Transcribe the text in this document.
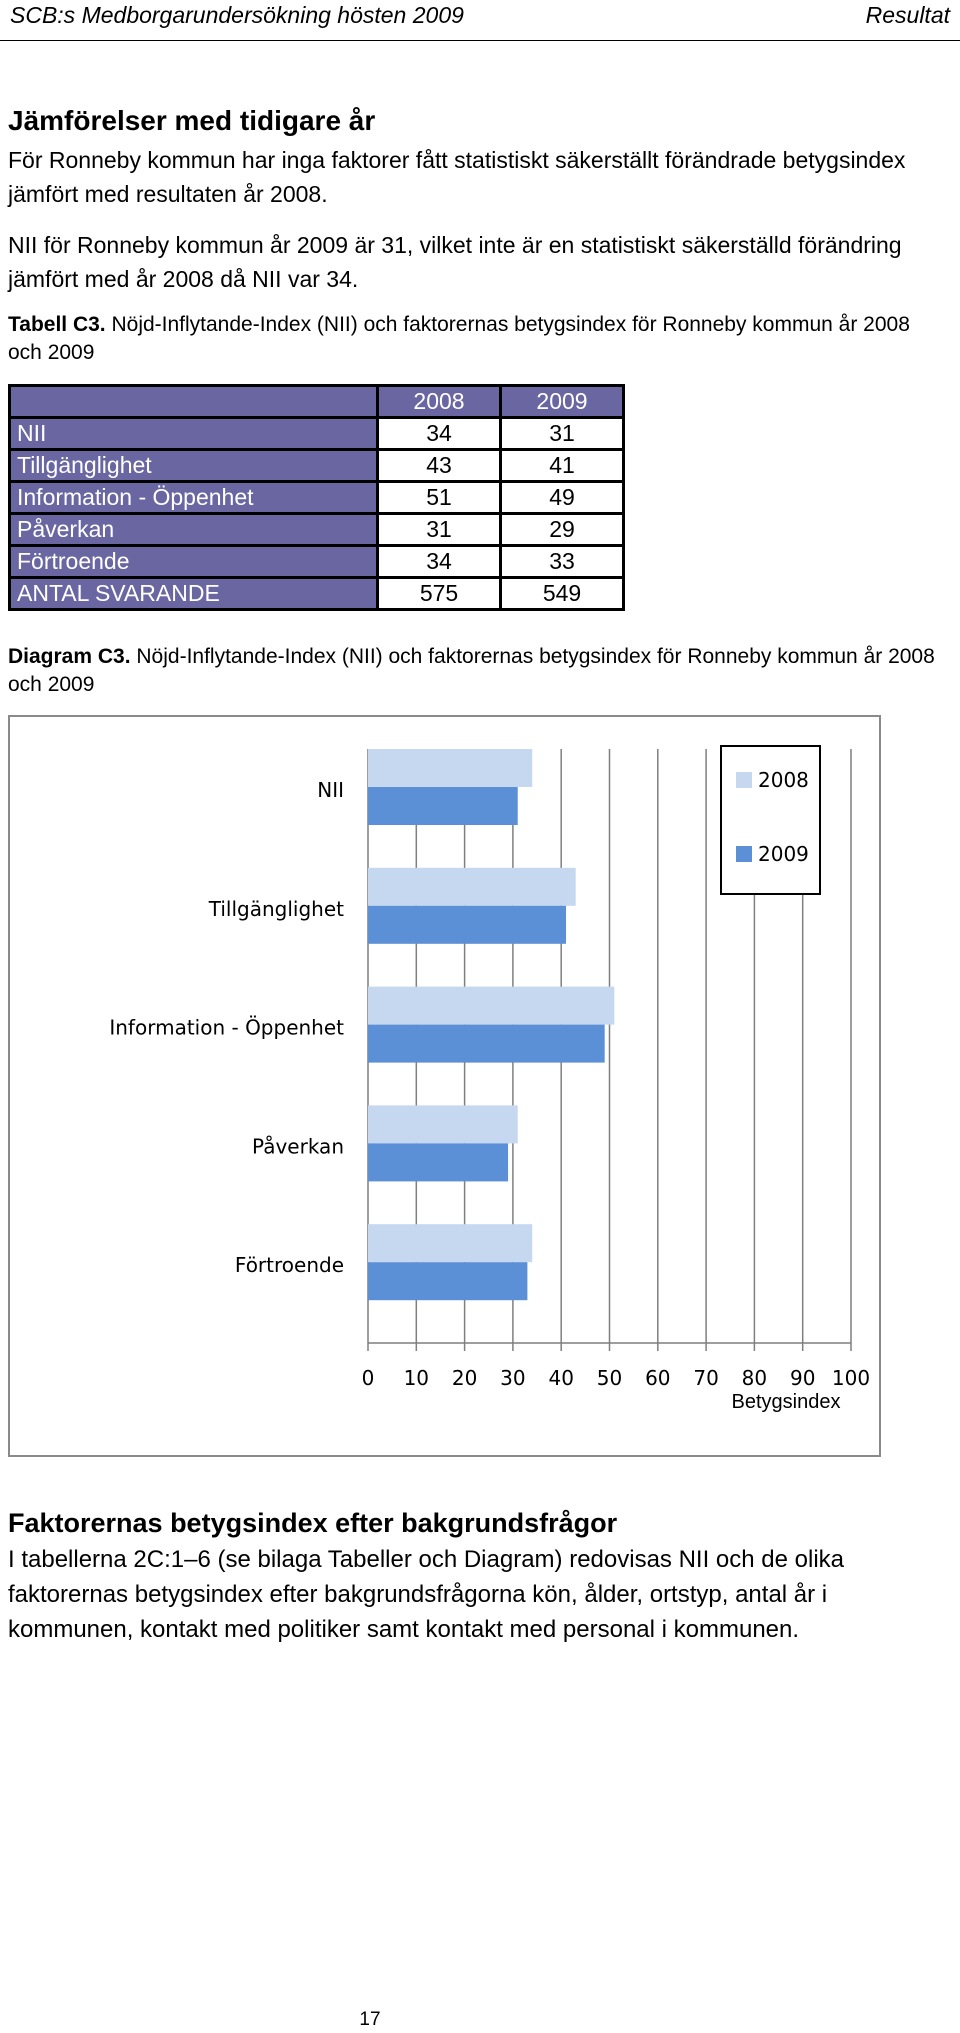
SCB:s Medborgarundersökning hösten 2009	Resultat
Jämförelser med tidigare år
För Ronneby kommun har inga faktorer fått statistiskt säkerställt förändrade betygsindex jämfört med resultaten år 2008.
NII för Ronneby kommun år 2009 är 31, vilket inte är en statistiskt säkerställd förändring jämfört med år 2008 då NII var 34.
Tabell C3. Nöjd-Inflytande-Index (NII) och faktorernas betygsindex för Ronneby kommun år 2008 och 2009
	2008	2009
NII	34	31
Tillgänglighet	43	41
Information - Öppenhet	51	49
Påverkan	31	29
Förtroende	34	33
ANTAL SVARANDE	575	549
Diagram C3. Nöjd-Inflytande-Index (NII) och faktorernas betygsindex för Ronneby kommun år 2008 och 2009
0 10 20 30 40 50 60 70 80 90 100
NII
Tillgänglighet
Information - Öppenhet
Påverkan
Förtroende
Betygsindex
2008
2009
Faktorernas betygsindex efter bakgrundsfrågor
I tabellerna 2C:1–6 (se bilaga Tabeller och Diagram) redovisas NII och de olika faktorernas betygsindex efter bakgrundsfrågorna kön, ålder, ortstyp, antal år i kommunen, kontakt med politiker samt kontakt med personal i kommunen.
17
